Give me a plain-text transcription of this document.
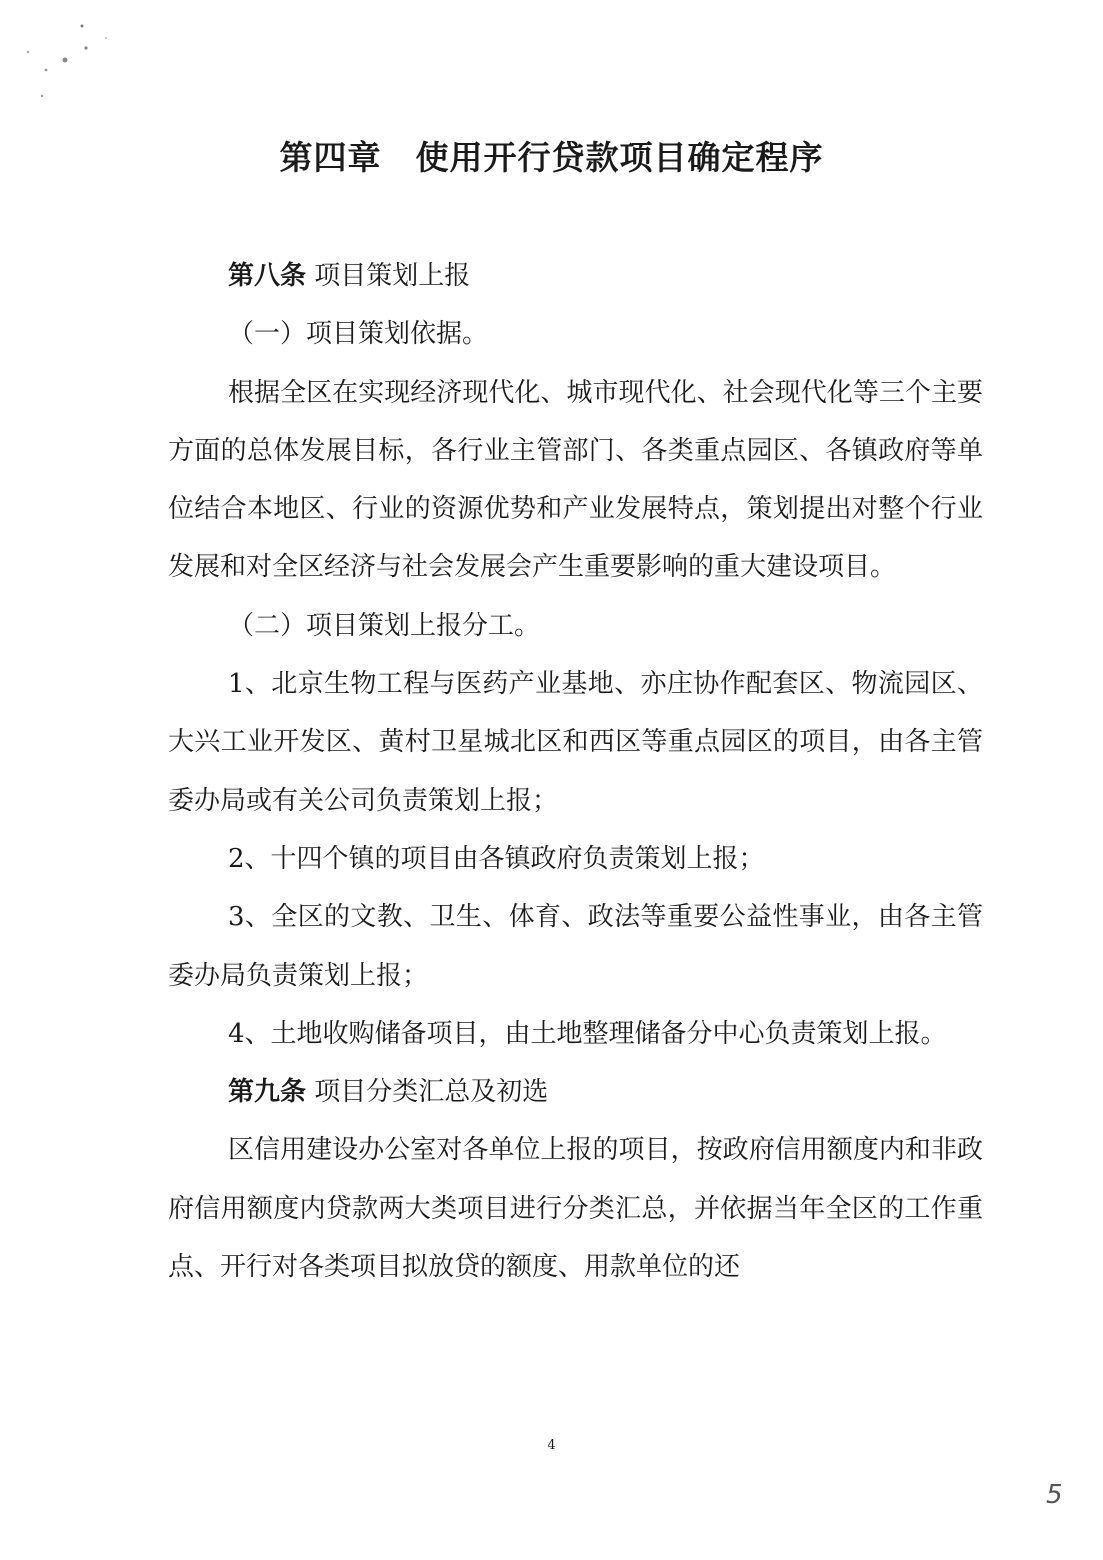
第四章　使用开行贷款项目确定程序

第八条 项目策划上报

（一）项目策划依据。

根据全区在实现经济现代化、城市现代化、社会现代化等三个主要方面的总体发展目标，各行业主管部门、各类重点园区、各镇政府等单位结合本地区、行业的资源优势和产业发展特点，策划提出对整个行业发展和对全区经济与社会发展会产生重要影响的重大建设项目。

（二）项目策划上报分工。

1、北京生物工程与医药产业基地、亦庄协作配套区、物流园区、大兴工业开发区、黄村卫星城北区和西区等重点园区的项目，由各主管委办局或有关公司负责策划上报；

2、十四个镇的项目由各镇政府负责策划上报；

3、全区的文教、卫生、体育、政法等重要公益性事业，由各主管委办局负责策划上报；

4、土地收购储备项目，由土地整理储备分中心负责策划上报。

第九条 项目分类汇总及初选

区信用建设办公室对各单位上报的项目，按政府信用额度内和非政府信用额度内贷款两大类项目进行分类汇总，并依据当年全区的工作重点、开行对各类项目拟放贷的额度、用款单位的还

4
5
